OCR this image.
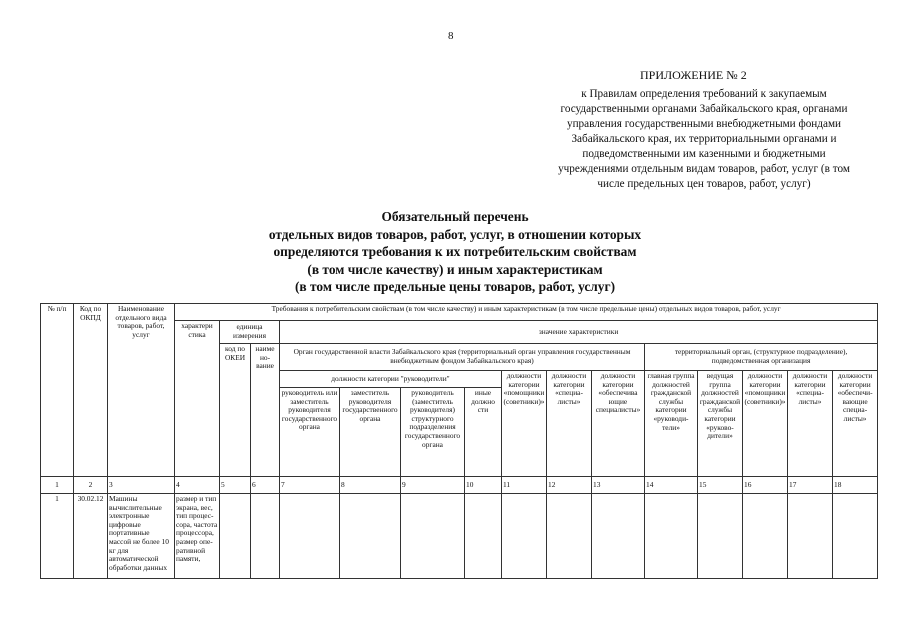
8
ПРИЛОЖЕНИЕ № 2
к Правилам определения требований к закупаемым
государственными органами Забайкальского края, органами
управления государственными внебюджетными фондами
Забайкальского края, их территориальными органами и
подведомственными им казенными и бюджетными
учреждениями отдельным видам товаров, работ, услуг (в том
числе предельных цен товаров, работ, услуг)
Обязательный перечень
отдельных видов товаров, работ, услуг, в отношении которых
определяются требования к их потребительским свойствам
(в том числе качеству) и иным характеристикам
(в том числе предельные цены товаров, работ, услуг)
№ п/п	Код по ОКПД	Наименование отдельного вида товаров, работ, услуг	Требования к потребительским свойствам (в том числе качеству) и иным характеристикам (в том числе предельные цены) отдельных видов товаров, работ, услуг														
			характери стика	единица измерения		значение характеристики											
				код по ОКЕИ	наиме но- вание	Орган государственной власти Забайкальского края (территориальный орган управления государственным внебюджетным фондом Забайкальского края)							территориальный орган, (структурное подразделение), подведомственная организация				
						должности категории "руководители"				должности категории «помощники (советники)»	должности категории «специалисты»	должности категории «обеспечива ющие специалисты»	главная группа должностей гражданской службы категории «руководители»	ведущая группа должностей гражданской службы категории «руководители»	должности категории «помощники (советники)»	должности категории «специалисты»	должности категории «обеспечивающие специалисты»
						руководитель или заместитель руководителя государственного органа	заместитель руководителя государственного органа	руководитель (заместитель руководителя) структурного подразделения государственного органа	иные должно сти								
1	2	3	4	5	6	7	8	9	10	11	12	13	14	15	16	17	18
1	30.02.12	Машины вычислительные электронные цифровые портативные массой не более 10 кг для автоматической обработки данных	размер и тип экрана, вес, тип процессора, частота процессора, размер оперативной памяти,														
